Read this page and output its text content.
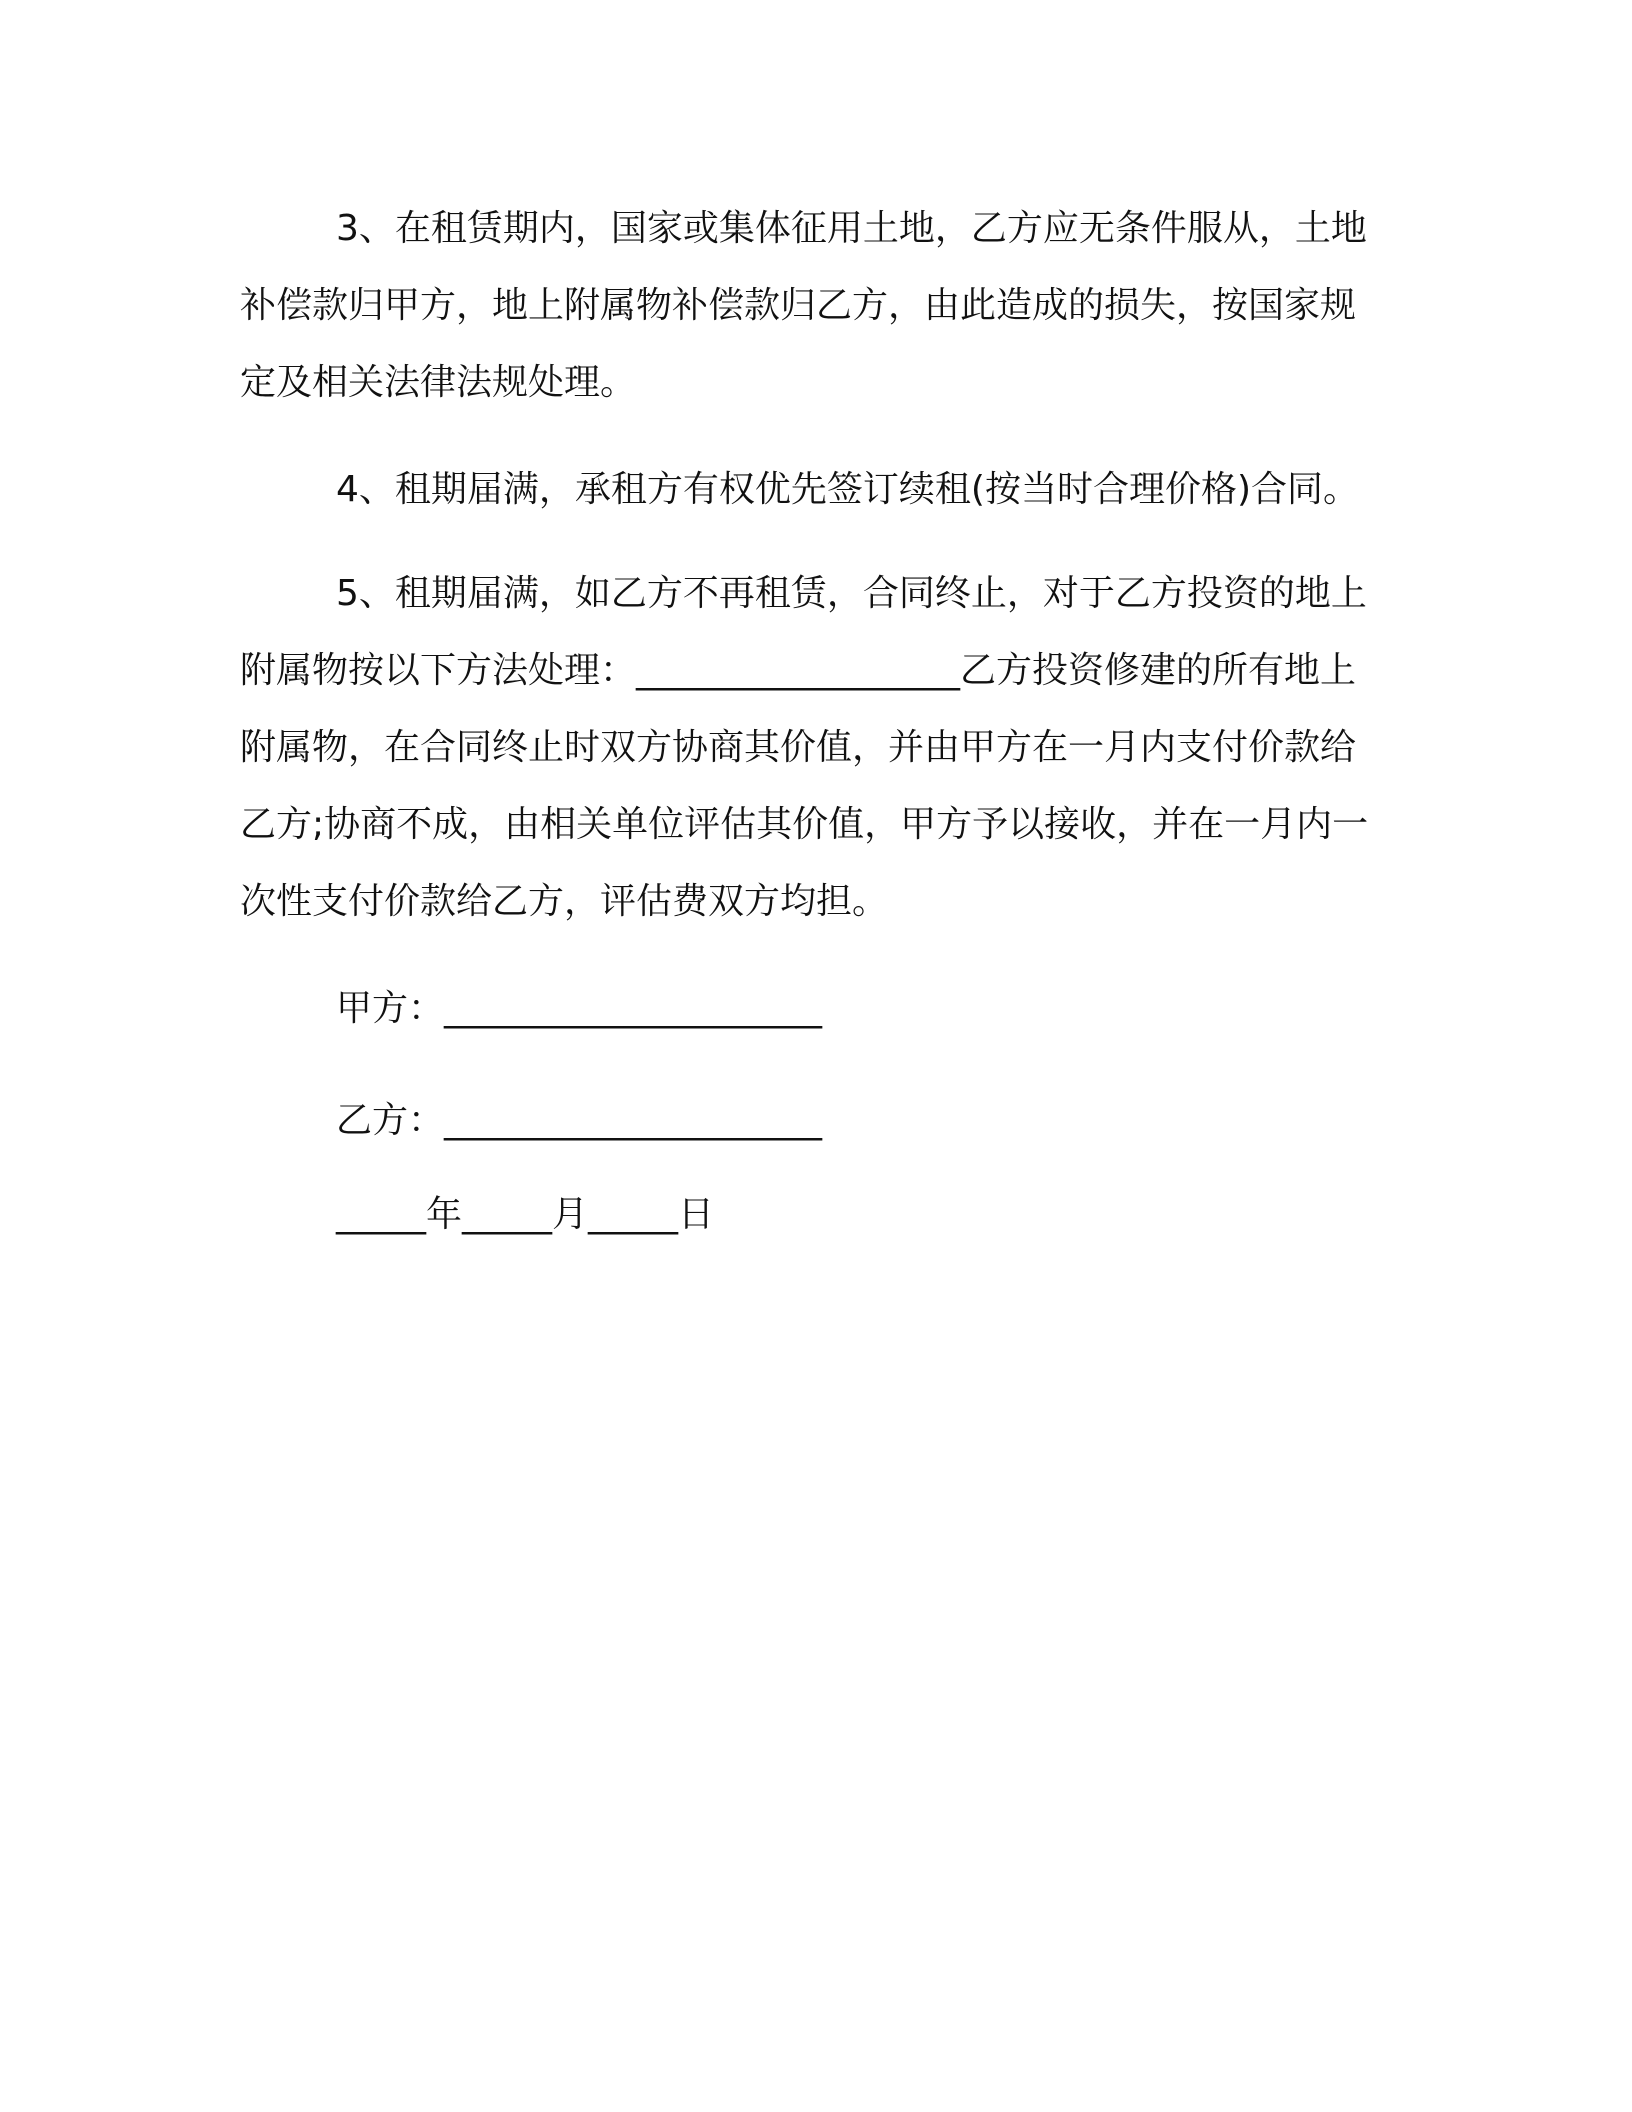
3、在租赁期内，国家或集体征用土地，乙方应无条件服从，土地补偿款归甲方，地上附属物补偿款归乙方，由此造成的损失，按国家规定及相关法律法规处理。

4、租期届满，承租方有权优先签订续租(按当时合理价格)合同。

5、租期届满，如乙方不再租赁，合同终止，对于乙方投资的地上附属物按以下方法处理：__________________乙方投资修建的所有地上附属物，在合同终止时双方协商其价值，并由甲方在一月内支付价款给乙方;协商不成，由相关单位评估其价值，甲方予以接收，并在一月内一次性支付价款给乙方，评估费双方均担。

甲方：_____________________

乙方：_____________________

_____年_____月_____日
